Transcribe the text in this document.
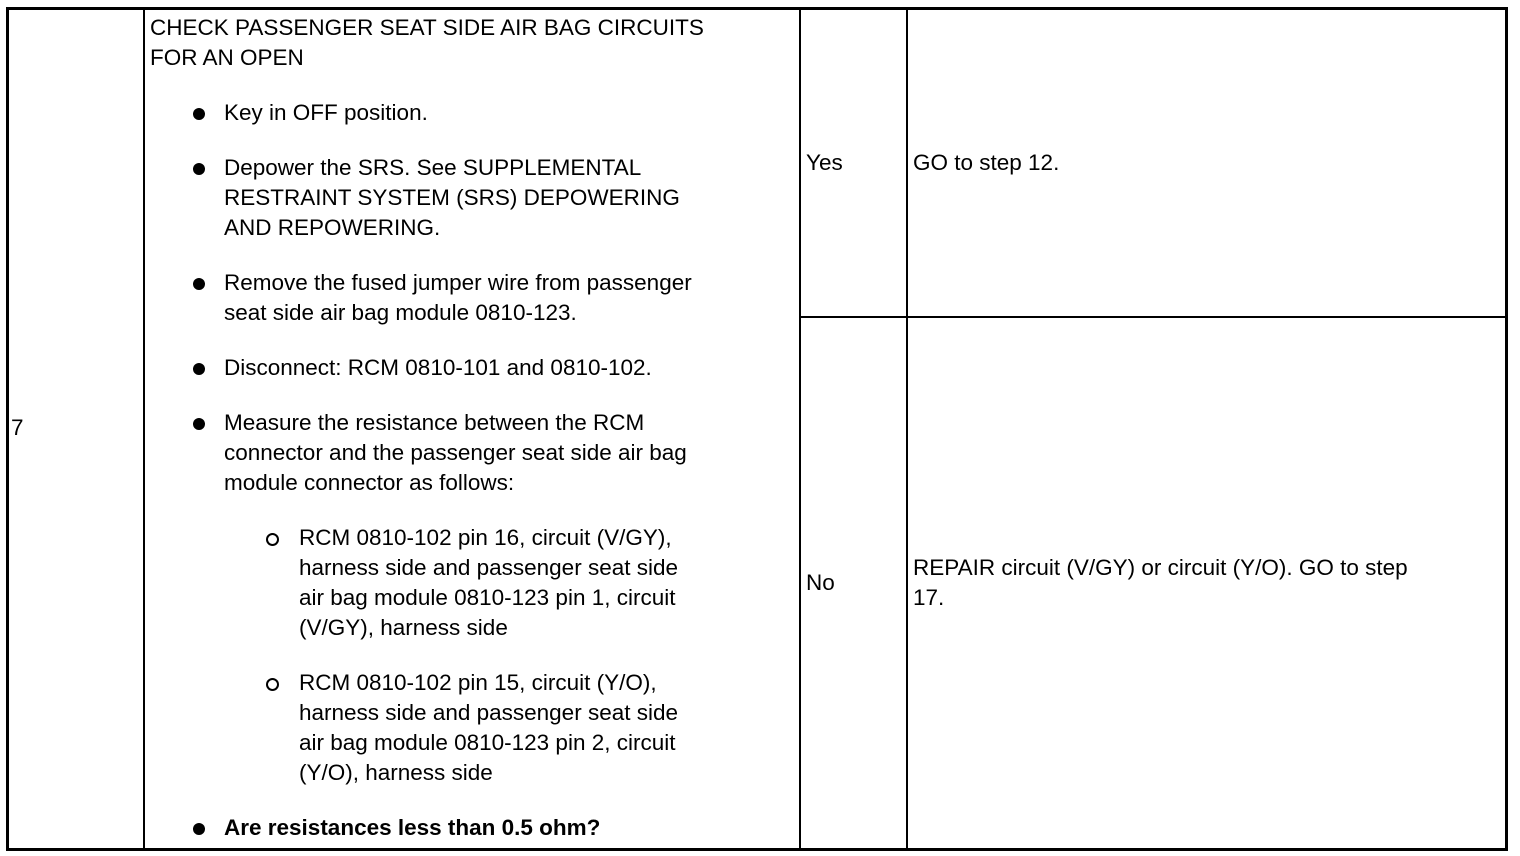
7
CHECK PASSENGER SEAT SIDE AIR BAG CIRCUITS
FOR AN OPEN
Key in OFF position.
Depower the SRS. See SUPPLEMENTAL
RESTRAINT SYSTEM (SRS) DEPOWERING
AND REPOWERING.
Remove the fused jumper wire from passenger
seat side air bag module 0810-123.
Disconnect: RCM 0810-101 and 0810-102.
Measure the resistance between the RCM
connector and the passenger seat side air bag
module connector as follows:
RCM 0810-102 pin 16, circuit (V/GY),
harness side and passenger seat side
air bag module 0810-123 pin 1, circuit
(V/GY), harness side
RCM 0810-102 pin 15, circuit (Y/O),
harness side and passenger seat side
air bag module 0810-123 pin 2, circuit
(Y/O), harness side
Are resistances less than 0.5 ohm?
Yes	GO to step 12.
No
REPAIR circuit (V/GY) or circuit (Y/O). GO to step
17.
